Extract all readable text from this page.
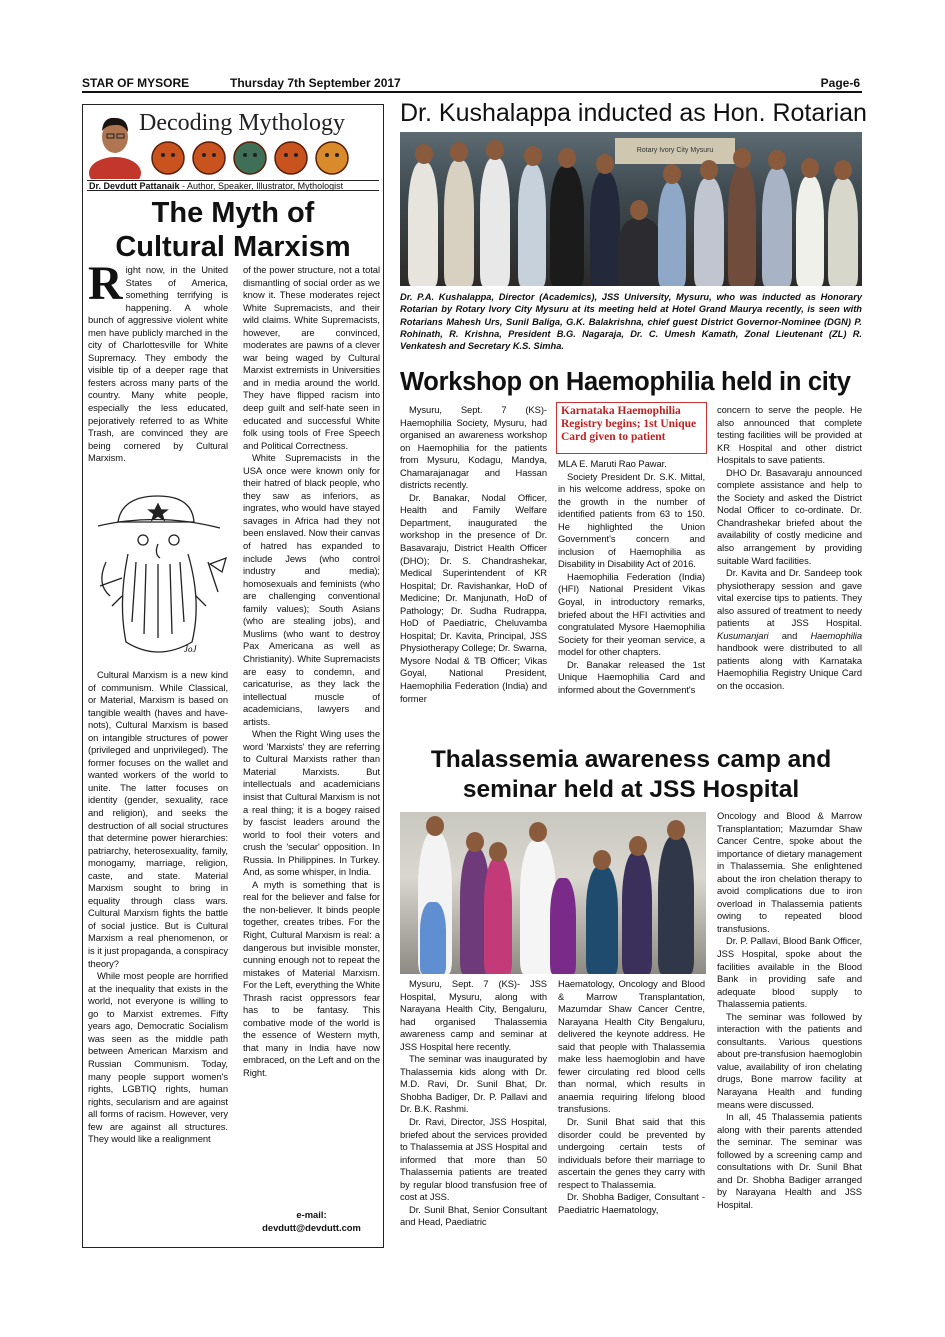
STAR OF MYSORE	Thursday 7th September 2017	Page-6
Decoding Mythology
Dr. Devdutt Pattanaik - Author, Speaker, Illustrator, Mythologist
The Myth of
Cultural Marxism
Right now, in the United States of America, something terrifying is happening. A whole bunch of aggressive violent white men have publicly marched in the city of Charlottesville for White Supremacy. They embody the visible tip of a deeper rage that festers across many parts of the country. Many white people, especially the less educated, pejoratively referred to as White Trash, are convinced they are being cornered by Cultural Marxism.
JoJ

Cultural Marxism is a new kind of communism. While Classical, or Material, Marxism is based on tangible wealth (haves and have-nots), Cultural Marxism is based on intangible structures of power (privileged and unprivileged). The former focuses on the wallet and wanted workers of the world to unite. The latter focuses on identity (gender, sexuality, race and religion), and seeks the destruction of all social structures that determine power hierarchies: patriarchy, heterosexuality, family, monogamy, marriage, religion, caste, and state. Material Marxism sought to bring in equality through class wars. Cultural Marxism fights the battle of social justice. But is Cultural Marxism a real phenomenon, or is it just propaganda, a conspiracy theory?

While most people are horrified at the inequality that exists in the world, not everyone is willing to go to Marxist extremes. Fifty years ago, Democratic Socialism was seen as the middle path between American Marxism and Russian Communism. Today, many people support women's rights, LGBTIQ rights, human rights, secularism and are against all forms of racism. However, very few are against all structures. They would like a realignment

of the power structure, not a total dismantling of social order as we know it. These moderates reject White Supremacists, and their wild claims. White Supremacists, however, are convinced, moderates are pawns of a clever war being waged by Cultural Marxist extremists in Universities and in media around the world. They have flipped racism into deep guilt and self-hate seen in educated and successful White folk using tools of Free Speech and Political Correctness.

White Supremacists in the USA once were known only for their hatred of black people, who they saw as inferiors, as ingrates, who would have stayed savages in Africa had they not been enslaved. Now their canvas of hatred has expanded to include Jews (who control industry and media); homosexuals and feminists (who are challenging conventional family values); South Asians (who are stealing jobs), and Muslims (who want to destroy Pax Americana as well as Christianity). White Supremacists are easy to condemn, and caricaturise, as they lack the intellectual muscle of academicians, lawyers and artists.

When the Right Wing uses the word 'Marxists' they are referring to Cultural Marxists rather than Material Marxists. But intellectuals and academicians insist that Cultural Marxism is not a real thing; it is a bogey raised by fascist leaders around the world to fool their voters and crush the 'secular' opposition. In Russia. In Philippines. In Turkey. And, as some whisper, in India.

A myth is something that is real for the believer and false for the non-believer. It binds people together, creates tribes. For the Right, Cultural Marxism is real: a dangerous but invisible monster, cunning enough not to repeat the mistakes of Material Marxism. For the Left, everything the White Thrash racist oppressors fear has to be fantasy. This combative mode of the world is the essence of Western myth, that many in India have now embraced, on the Left and on the Right.

e-mail:
devdutt@devdutt.com
Dr. Kushalappa inducted as Hon. Rotarian
Rotary Ivory City Mysuru
Dr. P.A. Kushalappa, Director (Academics), JSS University, Mysuru, who was inducted as Honorary Rotarian by Rotary Ivory City Mysuru at its meeting held at Hotel Grand Maurya recently, is seen with Rotarians Mahesh Urs, Sunil Baliga, G.K. Balakrishna, chief guest District Governor-Nominee (DGN) P. Rohinath, R. Krishna, President B.G. Nagaraja, Dr. C. Umesh Kamath, Zonal Lieutenant (ZL) R. Venkatesh and Secretary K.S. Simha.
Workshop on Haemophilia held in city

Mysuru, Sept. 7 (KS)- Haemophilia Society, Mysuru, had organised an awareness workshop on Haemophilia for the patients from Mysuru, Kodagu, Mandya, Chamarajanagar and Hassan districts recently.

Dr. Banakar, Nodal Officer, Health and Family Welfare Department, inaugurated the workshop in the presence of Dr. Basavaraju, District Health Officer (DHO); Dr. S. Chandrashekar, Medical Superintendent of KR Hospital; Dr. Ravishankar, HoD of Medicine; Dr. Manjunath, HoD of Pathology; Dr. Sudha Rudrappa, HoD of Paediatric, Cheluvamba Hospital; Dr. Kavita, Principal, JSS Physiotherapy College; Dr. Swarna, Mysore Nodal & TB Officer; Vikas Goyal, National President, Haemophilia Federation (India) and former

Karnataka Haemophilia Registry begins; 1st Unique Card given to patient

MLA E. Maruti Rao Pawar.

Society President Dr. S.K. Mittal, in his welcome address, spoke on the growth in the number of identified patients from 63 to 150. He highlighted the Union Government's concern and inclusion of Haemophilia as Disability in Disability Act of 2016.

Haemophilia Federation (India) (HFI) National President Vikas Goyal, in introductory remarks, briefed about the HFI activities and congratulated Mysore Haemophilia Society for their yeoman service, a model for other chapters.

Dr. Banakar released the 1st Unique Haemophilia Card and informed about the Government's

concern to serve the people. He also announced that complete testing facilities will be provided at KR Hospital and other district Hospitals to save patients.

DHO Dr. Basavaraju announced complete assistance and help to the Society and asked the District Nodal Officer to co-ordinate. Dr. Chandrashekar briefed about the availability of costly medicine and also arrangement by providing suitable Ward facilities.

Dr. Kavita and Dr. Sandeep took physiotherapy session and gave vital exercise tips to patients. They also assured of treatment to needy patients at JSS Hospital. Kusumanjari and Haemophilia handbook were distributed to all patients along with Karnataka Haemophilia Registry Unique Card on the occasion.

Thalassemia awareness camp and
seminar held at JSS Hospital

Mysuru, Sept. 7 (KS)- JSS Hospital, Mysuru, along with Narayana Health City, Bengaluru, had organised Thalassemia awareness camp and seminar at JSS Hospital here recently.

The seminar was inaugurated by Thalassemia kids along with Dr. M.D. Ravi, Dr. Sunil Bhat, Dr. Shobha Badiger, Dr. P. Pallavi and Dr. B.K. Rashmi.

Dr. Ravi, Director, JSS Hospital, briefed about the services provided to Thalassemia at JSS Hospital and informed that more than 50 Thalassemia patients are treated by regular blood transfusion free of cost at JSS.

Dr. Sunil Bhat, Senior Consultant and Head, Paediatric

Haematology, Oncology and Blood & Marrow Transplantation, Mazumdar Shaw Cancer Centre, Narayana Health City Bengaluru, delivered the keynote address. He said that people with Thalassemia make less haemoglobin and have fewer circulating red blood cells than normal, which results in anaemia requiring lifelong blood transfusions.

Dr. Sunil Bhat said that this disorder could be prevented by undergoing certain tests of individuals before their marriage to ascertain the genes they carry with respect to Thalassemia.

Dr. Shobha Badiger, Consultant - Paediatric Haematology,

Oncology and Blood & Marrow Transplantation; Mazumdar Shaw Cancer Centre, spoke about the importance of dietary management in Thalassemia. She enlightened about the iron chelation therapy to avoid complications due to iron overload in Thalassemia patients owing to repeated blood transfusions.

Dr. P. Pallavi, Blood Bank Officer, JSS Hospital, spoke about the facilities available in the Blood Bank in providing safe and adequate blood supply to Thalassemia patients.

The seminar was followed by interaction with the patients and consultants. Various questions about pre-transfusion haemoglobin value, availability of iron chelating drugs, Bone marrow facility at Narayana Health and funding means were discussed.

In all, 45 Thalassemia patients along with their parents attended the seminar. The seminar was followed by a screening camp and consultations with Dr. Sunil Bhat and Dr. Shobha Badiger arranged by Narayana Health and JSS Hospital.
